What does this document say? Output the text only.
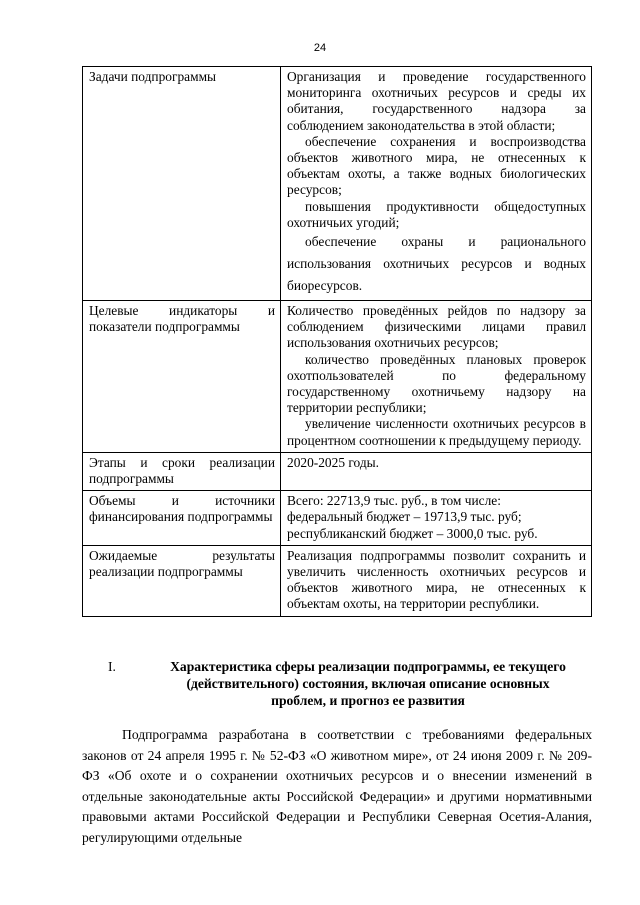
24
Задачи подпрограммы	Организация и проведение государственного мониторинга охотничьих ресурсов и среды их обитания, государственного надзора за соблюдением законодательства в этой области;

обеспечение сохранения и воспроизводства объектов животного мира, не отнесенных к объектам охоты, а также водных биологических ресурсов;

повышения продуктивности общедоступных охотничьих угодий;

обеспечение охраны и рационального использования охотничьих ресурсов и водных биоресурсов.

Целевые индикаторы и показатели подпрограммы	Количество проведённых рейдов по надзору за соблюдением физическими лицами правил использования охотничьих ресурсов;

количество проведённых плановых проверок охотпользователей по федеральному государственному охотничьему надзору на территории республики;

увеличение численности охотничьих ресурсов в процентном соотношении к предыдущему периоду.

Этапы и сроки реализации подпрограммы	2020-2025 годы.

Объемы и источники финансирования подпрограммы	Всего: 22713,9 тыс. руб., в том числе:

федеральный бюджет – 19713,9 тыс. руб;

республиканский бюджет – 3000,0 тыс. руб.

Ожидаемые результаты реализации подпрограммы	Реализация подпрограммы позволит сохранить и увеличить численность охотничьих ресурсов и объектов животного мира, не отнесенных к объектам охоты, на территории республики.

I.	Характеристика сферы реализации подпрограммы, ее текущего
(действительного) состояния, включая описание основных
проблем, и прогноз ее развития

Подпрограмма разработана в соответствии с требованиями федеральных законов от 24 апреля 1995 г. № 52-ФЗ «О животном мире», от 24 июня 2009 г. № 209-ФЗ «Об охоте и о сохранении охотничьих ресурсов и о внесении изменений в отдельные законодательные акты Российской Федерации» и другими нормативными правовыми актами Российской Федерации и Республики Северная Осетия-Алания, регулирующими отдельные
